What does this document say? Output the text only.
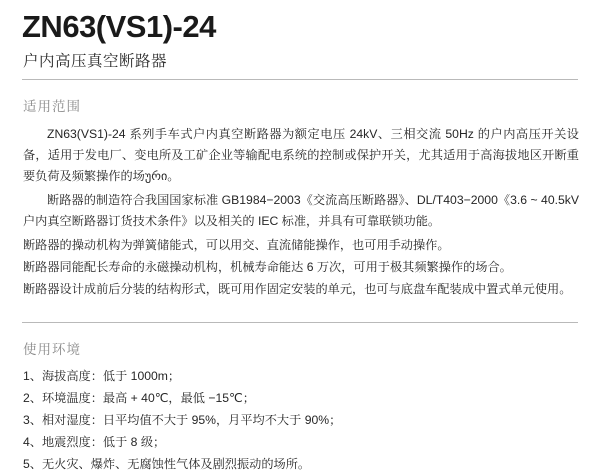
ZN63(VS1)-24
户内高压真空断路器
适用范围
ZN63(VS1)-24 系列手车式户内真空断路器为额定电压 24kV、三相交流 50Hz 的户内高压开关设备，适用于发电厂、变电所及工矿企业等输配电系统的控制或保护开关，尤其适用于高海拔地区开断重要负荷及频繁操作的场ური。
断路器的制造符合我国国家标准 GB1984−2003《交流高压断路器》、DL/T403−2000《3.6 ~ 40.5kV 户内真空断路器订货技术条件》以及相关的 IEC 标准，并具有可靠联锁功能。
断路器的操动机构为弹簧储能式，可以用交、直流储能操作，也可用手动操作。
断路器同能配长寿命的永磁操动机构，机械寿命能达 6 万次，可用于极其频繁操作的场合。
断路器设计成前后分装的结构形式，既可用作固定安装的单元，也可与底盘车配装成中置式单元使用。
使用环境
1、海拔高度：低于 1000m；
2、环境温度：最高 + 40℃，最低 −15℃；
3、相对湿度：日平均值不大于 95%，月平均不大于 90%；
4、地震烈度：低于 8 级；
5、无火灾、爆炸、无腐蚀性气体及剧烈振动的场所。
